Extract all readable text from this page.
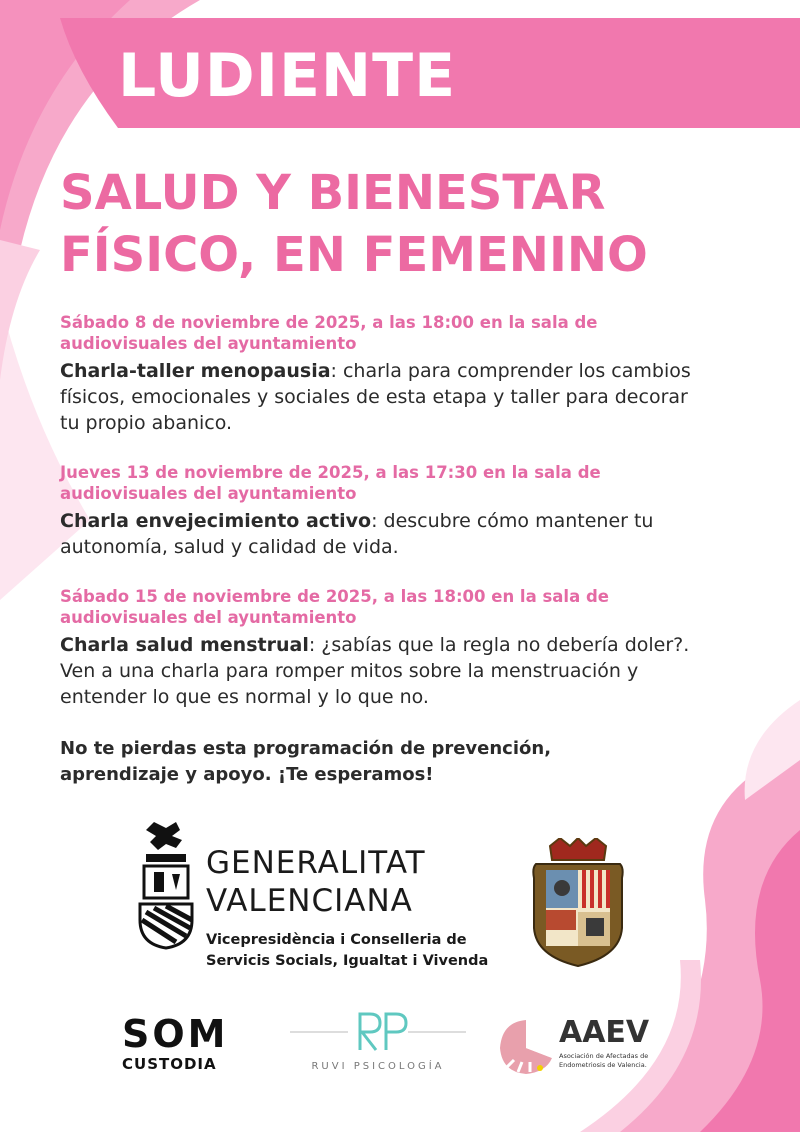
LUDIENTE
SALUD Y BIENESTAR
FÍSICO, EN FEMENINO

Sábado 8 de noviembre de 2025, a las 18:00 en la sala de audiovisuales del ayuntamiento

Charla-taller menopausia: charla para comprender los cambios físicos, emocionales y sociales de esta etapa y taller para decorar tu propio abanico.

Jueves 13 de noviembre de 2025, a las 17:30 en la sala de audiovisuales del ayuntamiento

Charla envejecimiento activo: descubre cómo mantener tu autonomía, salud y calidad de vida.

Sábado 15 de noviembre de 2025, a las 18:00 en la sala de audiovisuales del ayuntamiento

Charla salud menstrual: ¿sabías que la regla no debería doler?. Ven a una charla para romper mitos sobre la menstruación y entender lo que es normal y lo que no.

No te pierdas esta programación de prevención, aprendizaje y apoyo. ¡Te esperamos!

GENERALITAT
VALENCIANA
Vicepresidència i Conselleria de
Servicis Socials, Igualtat i Vivenda
SOM
CUSTODIA	RUVI PSICOLOGÍA
AAEV
Asociación de Afectadas de Endometriosis de Valencia.
